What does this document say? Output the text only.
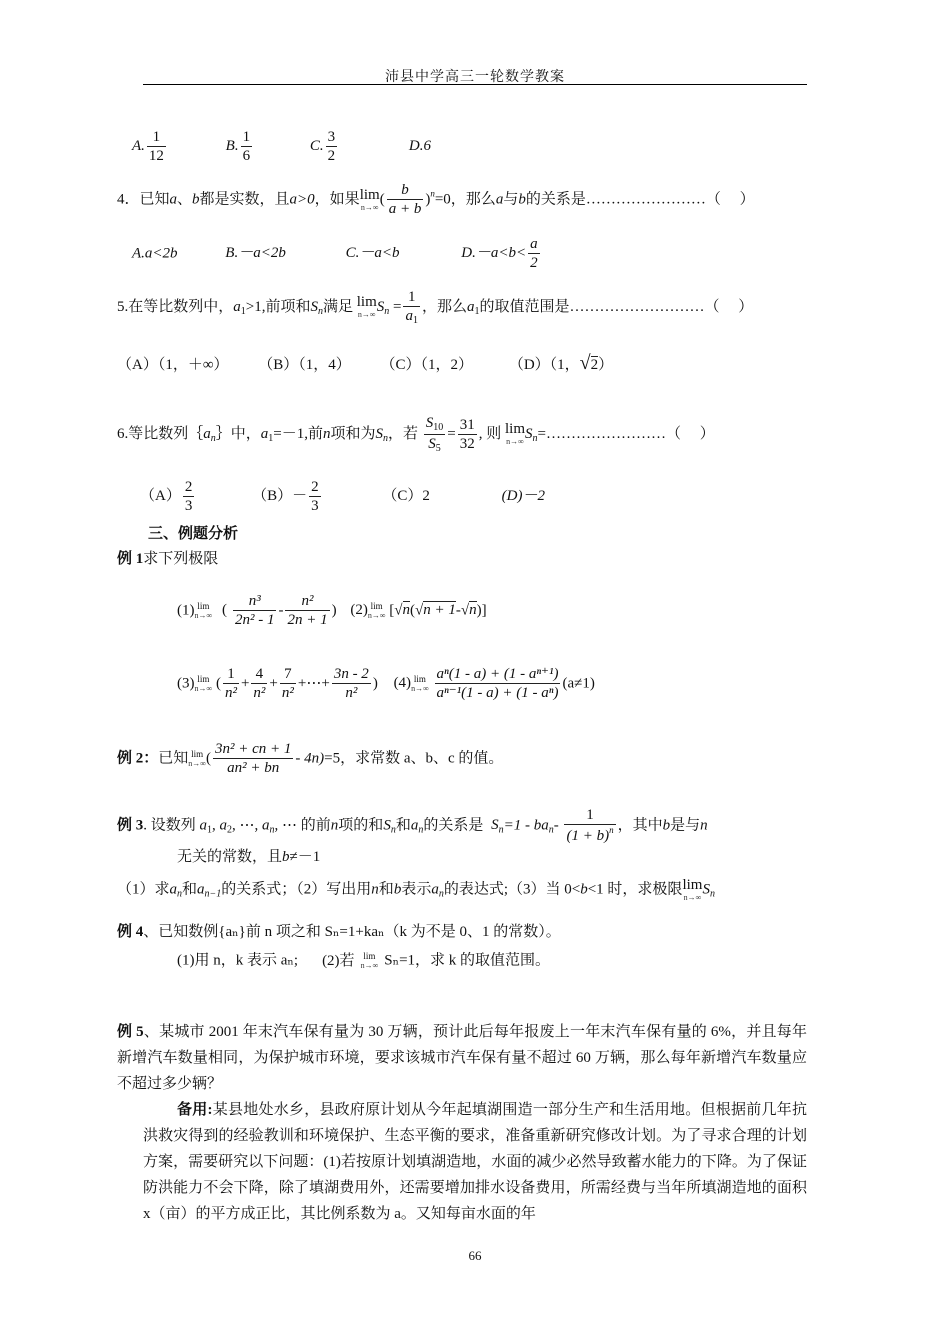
沛县中学高三一轮数学教案
A. $\frac{1}{12}$	B. $\frac{1}{6}$	C. $\frac{3}{2}$	D.6
4．已知a、b都是实数，且a>0，如果 lim
n→∞ ( $\frac{b}{a + b} )^n=0$，那么a与b的关系是……………………（　 ）
A.a<2b	B.－a<2b	C.－a<b	$D.-a<b< \frac{a}{2}$
5.在等比数列中，$a_1>1$,前项和$S_n$满足 lim
n→∞ $S_n = \frac{1}{a_1}$ ，那么$a_1$的取值范围是………………………（　 ）
（A）（1，＋∞） （B）（1，4） （C）（1，2） （D）（1，√2）
6.等比数列$\{a_n\}$中，$a_1=-1$,前n项和为$S_n$，若 $\frac{S_{10}}{S_5} = \frac{31}{32}$ , 则 lim
n→∞ $S_n=\dots\dots\dots\dots\dots\dots\dots\dots$（　 ）
$(A) \frac{2}{3}$	$(B)- \frac{2}{3}$	（C）2	(D)－2
三、例题分析
例 1求下列极限
(1) lim
n→∞ ( $\frac{\text{n³}}{\text{2n² - 1}} - \frac{\text{n²}}{2n + 1}$ ) (2) lim
n→∞ [√n(√n + 1-√n)]
(3) lim
n→∞ ( $\frac{1}{\text{n²}} + \frac{4}{\text{n²}} + \frac{7}{\text{n²}}$ +⋯+ $\frac{3n - 2}{\text{n²}}$ ) (4) lim
n→∞
$\frac{\text{aⁿ(1 - a) + (1 - aⁿ⁺¹)}}{\text{aⁿ⁻¹(1 - a) + (1 - aⁿ)}} (a\ne 1)$
例 2：已知 lim
n→∞ ( $\frac{\text{3n² + cn + 1}}{\text{an² + bn}} - 4n)=5$，求常数 a、b、c 的值。
例 3. 设数列 $a_1$, $a_2$, ⋯, $a_n$, ⋯ 的前n项的和$S_n$和$a_n$的关系是 $S_n=1 - ba_n- \frac{1}{(1 + b)^n}$ ，其中b是与n
无关的常数，且b≠－1
（1）求$a_n$和$a_{n-1}$的关系式；（2）写出用n和b表示$a_n$的表达式;（3）当 0<b<1 时，求极限 lim
n→∞ $S_n$
例 4、已知数例{aₙ}前 n 项之和 Sₙ=1+kaₙ（k 为不是 0、1 的常数）。
(1)用 n，k 表示 aₙ; (2)若 lim
n→∞ Sₙ=1，求 k 的取值范围。
例 5、某城市 2001 年末汽车保有量为 30 万辆，预计此后每年报废上一年末汽车保有量的 6%，并且每年新增汽车数量相同，为保护城市环境，要求该城市汽车保有量不超过 60 万辆，那么每年新增汽车数量应不超过多少辆？
备用:某县地处水乡，县政府原计划从今年起填湖围造一部分生产和生活用地。但根据前几年抗洪救灾得到的经验教训和环境保护、生态平衡的要求，准备重新研究修改计划。为了寻求合理的计划方案，需要研究以下问题：(1)若按原计划填湖造地，水面的减少必然导致蓄水能力的下降。为了保证防洪能力不会下降，除了填湖费用外，还需要增加排水设备费用，所需经费与当年所填湖造地的面积 x（亩）的平方成正比，其比例系数为 a。又知每亩水面的年
66
